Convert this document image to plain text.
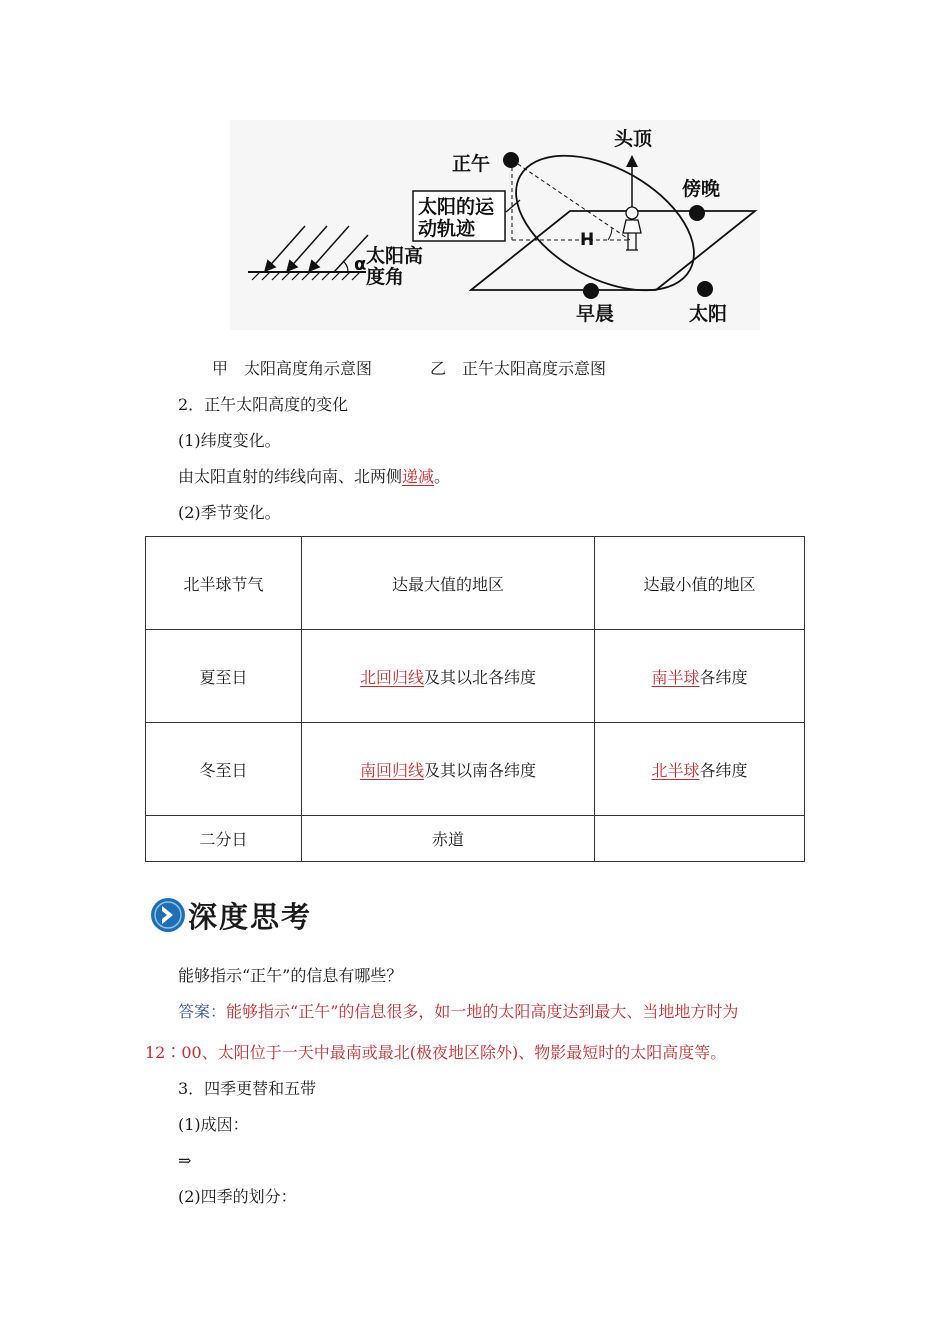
α 太阳高
度角
H
头顶
正午
傍晚
早晨	太阳
太阳的运
动轨迹
甲 太阳高度角示意图	乙 正午太阳高度示意图
2．正午太阳高度的变化
(1)纬度变化。
由太阳直射的纬线向南、北两侧递减。
(2)季节变化。
北半球节气	达最大值的地区	达最小值的地区
夏至日	北回归线及其以北各纬度	南半球各纬度
冬至日	南回归线及其以南各纬度	北半球各纬度
二分日	赤道	
深度思考
能够指示“正午”的信息有哪些？
答案：能够指示“正午”的信息很多，如一地的太阳高度达到最大、当地地方时为
12∶00、太阳位于一天中最南或最北(极夜地区除外)、物影最短时的太阳高度等。
3．四季更替和五带
(1)成因：
⇒
(2)四季的划分：
